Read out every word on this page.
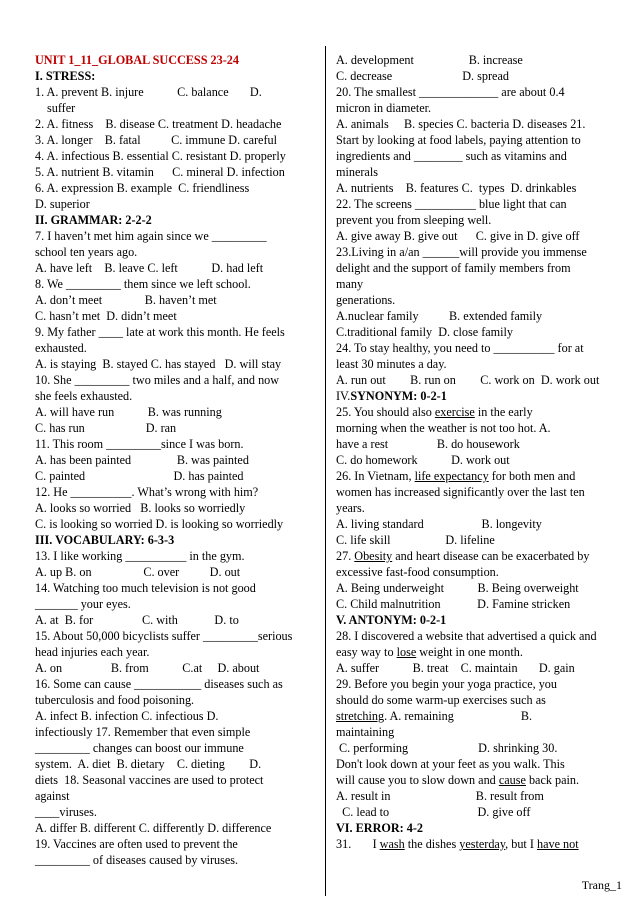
UNIT 1_11_GLOBAL SUCCESS 23-24
I. STRESS:
1. A. prevent B. injure           C. balance       D.
suffer
2. A. fitness    B. disease C. treatment D. headache
3. A. longer    B. fatal          C. immune D. careful
4. A. infectious B. essential C. resistant D. properly
5. A. nutrient B. vitamin      C. mineral D. infection
6. A. expression B. example  C. friendliness
D. superior
II. GRAMMAR: 2-2-2
7. I haven’t met him again since we _________
school ten years ago.
A. have left    B. leave C. left           D. had left
8. We _________ them since we left school.
A. don’t meet              B. haven’t met
C. hasn’t met  D. didn’t meet
9. My father ____ late at work this month. He feels
exhausted.
A. is staying  B. stayed C. has stayed   D. will stay
10. She _________ two miles and a half, and now
she feels exhausted.
A. will have run           B. was running
C. has run                    D. ran
11. This room _________since I was born.
A. has been painted               B. was painted
C. painted                             D. has painted
12. He __________. What’s wrong with him?
A. looks so worried   B. looks so worriedly
C. is looking so worried D. is looking so worriedly
III. VOCABULARY: 6-3-3
13. I like working __________ in the gym.
A. up B. on                 C. over          D. out
14. Watching too much television is not good
_______ your eyes.
A. at  B. for                C. with            D. to
15. About 50,000 bicyclists suffer _________serious
head injuries each year.
A. on                B. from           C.at     D. about
16. Some can cause ___________ diseases such as
tuberculosis and food poisoning.
A. infect B. infection C. infectious D.
infectiously 17. Remember that even simple
_________ changes can boost our immune
system.  A. diet  B. dietary    C. dieting        D.
diets  18. Seasonal vaccines are used to protect
against
____viruses.
A. differ B. different C. differently D. difference
19. Vaccines are often used to prevent the
_________ of diseases caused by viruses.
A. development                  B. increase
C. decrease                       D. spread
20. The smallest _____________ are about 0.4
micron in diameter.
A. animals     B. species C. bacteria D. diseases 21.
Start by looking at food labels, paying attention to
ingredients and ________ such as vitamins and
minerals
A. nutrients    B. features C.  types  D. drinkables
22. The screens __________ blue light that can
prevent you from sleeping well.
A. give away B. give out      C. give in D. give off
23.Living in a/an ______will provide you immense
delight and the support of family members from
many
generations.
A.nuclear family          B. extended family
C.traditional family  D. close family
24. To stay healthy, you need to __________ for at
least 30 minutes a day.
A. run out        B. run on        C. work on  D. work out
IV.SYNONYM: 0-2-1
25. You should also exercise in the early
morning when the weather is not too hot. A.
have a rest                B. do housework
C. do homework           D. work out
26. In Vietnam, life expectancy for both men and
women has increased significantly over the last ten
years.
A. living standard                   B. longevity
C. life skill                  D. lifeline
27. Obesity and heart disease can be exacerbated by
excessive fast-food consumption.
A. Being underweight           B. Being overweight
C. Child malnutrition            D. Famine stricken
V. ANTONYM: 0-2-1
28. I discovered a website that advertised a quick and
easy way to lose weight in one month.
A. suffer           B. treat    C. maintain       D. gain
29. Before you begin your yoga practice, you
should do some warm-up exercises such as
stretching. A. remaining                      B.
maintaining
C. performing                       D. shrinking 30.
Don't look down at your feet as you walk. This
will cause you to slow down and cause back pain.
A. result in                            B. result from
C. lead to                             D. give off
VI. ERROR: 4-2
31.       I wash the dishes yesterday, but I have not
Trang_1
